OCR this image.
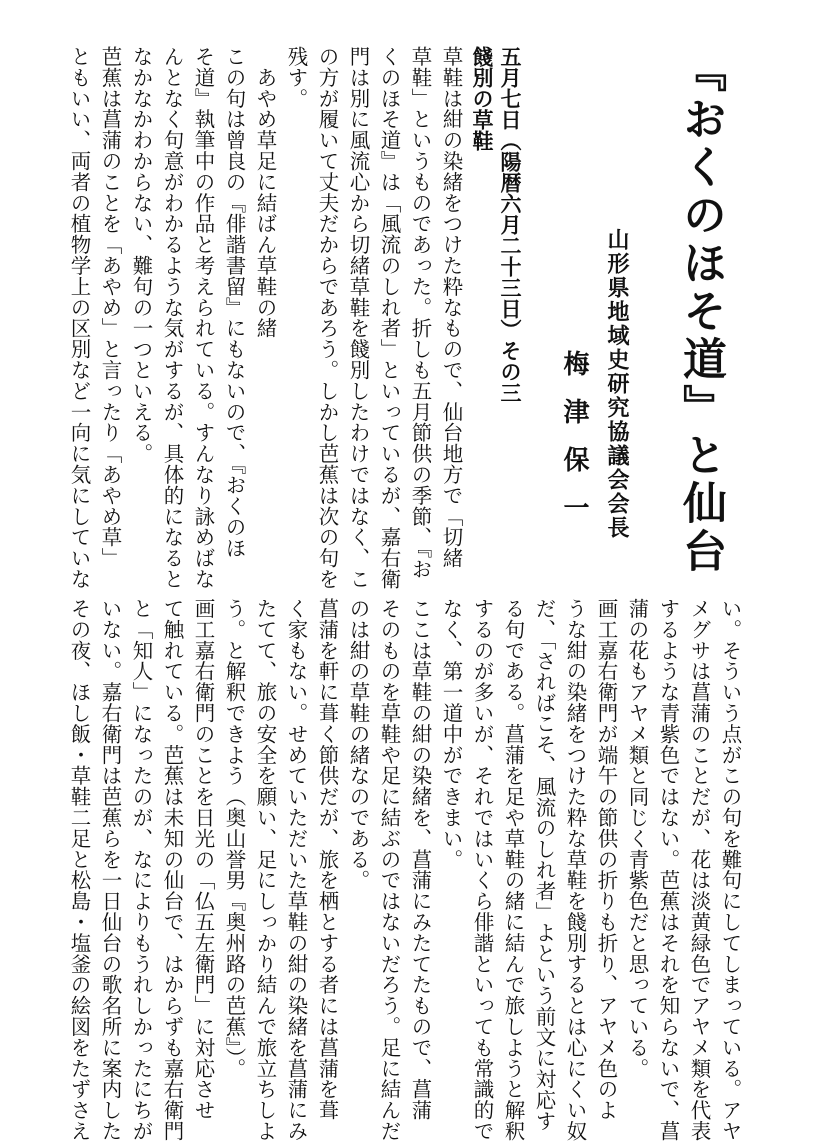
『おくのほそ道』と仙台
山形県地域史研究協議会会長
梅津保一
五月七日（陽暦六月二十三日）その三
餞別の草鞋
草鞋は紺の染緒をつけた粋なもので、仙台地方で「切緒
草鞋」というものであった。折しも五月節供の季節、『お
くのほそ道』は「風流のしれ者」といっているが、嘉右衛
門は別に風流心から切緒草鞋を餞別したわけではなく、こ
の方が履いて丈夫だからであろう。しかし芭蕉は次の句を
残す。
　あやめ草足に結ばん草鞋の緒
この句は曾良の『俳諧書留』にもないので、『おくのほ
そ道』執筆中の作品と考えられている。すんなり詠めばな
んとなく句意がわかるような気がするが、具体的になると
なかなかわからない、難句の一つといえる。
芭蕉は菖蒲のことを「あやめ」と言ったり「あやめ草」
ともいい、両者の植物学上の区別など一向に気にしていな
い。そういう点がこの句を難句にしてしまっている。アヤ
メグサは菖蒲のことだが、花は淡黄緑色でアヤメ類を代表
するような青紫色ではない。芭蕉はそれを知らないで、菖
蒲の花もアヤメ類と同じく青紫色だと思っている。
画工嘉右衛門が端午の節供の折りも折り、アヤメ色のよ
うな紺の染緒をつけた粋な草鞋を餞別するとは心にくい奴
だ、「さればこそ、風流のしれ者」よという前文に対応す
る句である。菖蒲を足や草鞋の緒に結んで旅しようと解釈
するのが多いが、それではいくら俳諧といっても常識的で
なく、第一道中ができまい。
ここは草鞋の紺の染緒を、菖蒲にみたてたもので、菖蒲
そのものを草鞋や足に結ぶのではないだろう。足に結んだ
のは紺の草鞋の緒なのである。
菖蒲を軒に葺く節供だが、旅を栖とする者には菖蒲を葺
く家もない。せめていただいた草鞋の紺の染緒を菖蒲にみ
たてて、旅の安全を願い、足にしっかり結んで旅立ちしよ
う。と解釈できよう（奥山誉男『奥州路の芭蕉』）。
画工嘉右衛門のことを日光の「仏五左衛門」に対応させ
て触れている。芭蕉は未知の仙台で、はからずも嘉右衛門
と「知人」になったのが、なによりもうれしかったにちが
いない。嘉右衛門は芭蕉らを一日仙台の歌名所に案内した
その夜、ほし飯・草鞋二足と松島・塩釜の絵図をたずさえ
